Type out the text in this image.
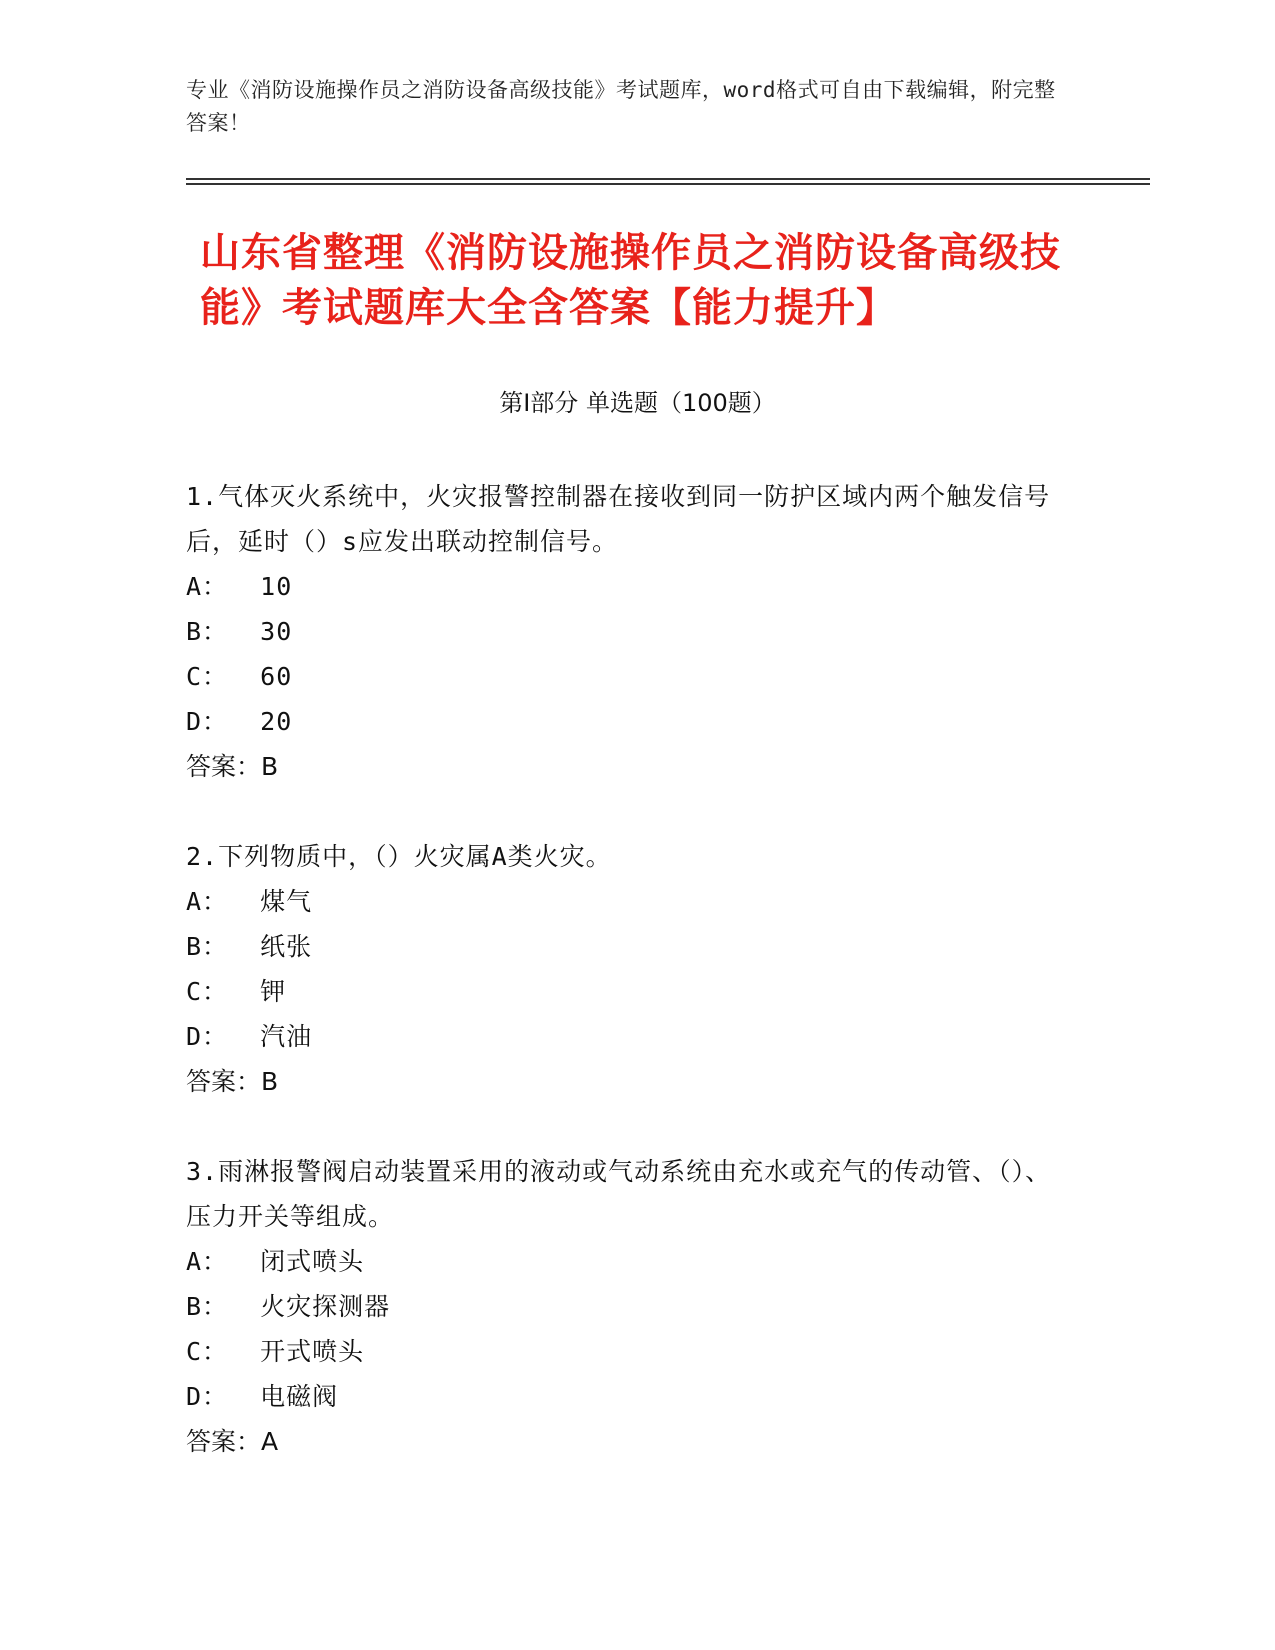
专业《消防设施操作员之消防设备高级技能》考试题库，word格式可自由下载编辑，附完整答案！
山东省整理《消防设施操作员之消防设备高级技能》考试题库大全含答案【能力提升】
第Ⅰ部分 单选题（100题）
1.气体灭火系统中，火灾报警控制器在接收到同一防护区域内两个触发信号后，延时（）s应发出联动控制信号。
A：  10
B：  30
C：  60
D：  20
答案：B
2.下列物质中，（）火灾属A类火灾。
A：  煤气
B：  纸张
C：  钾
D：  汽油
答案：B
3.雨淋报警阀启动装置采用的液动或气动系统由充水或充气的传动管、（）、压力开关等组成。
A：  闭式喷头
B：  火灾探测器
C：  开式喷头
D：  电磁阀
答案：A
